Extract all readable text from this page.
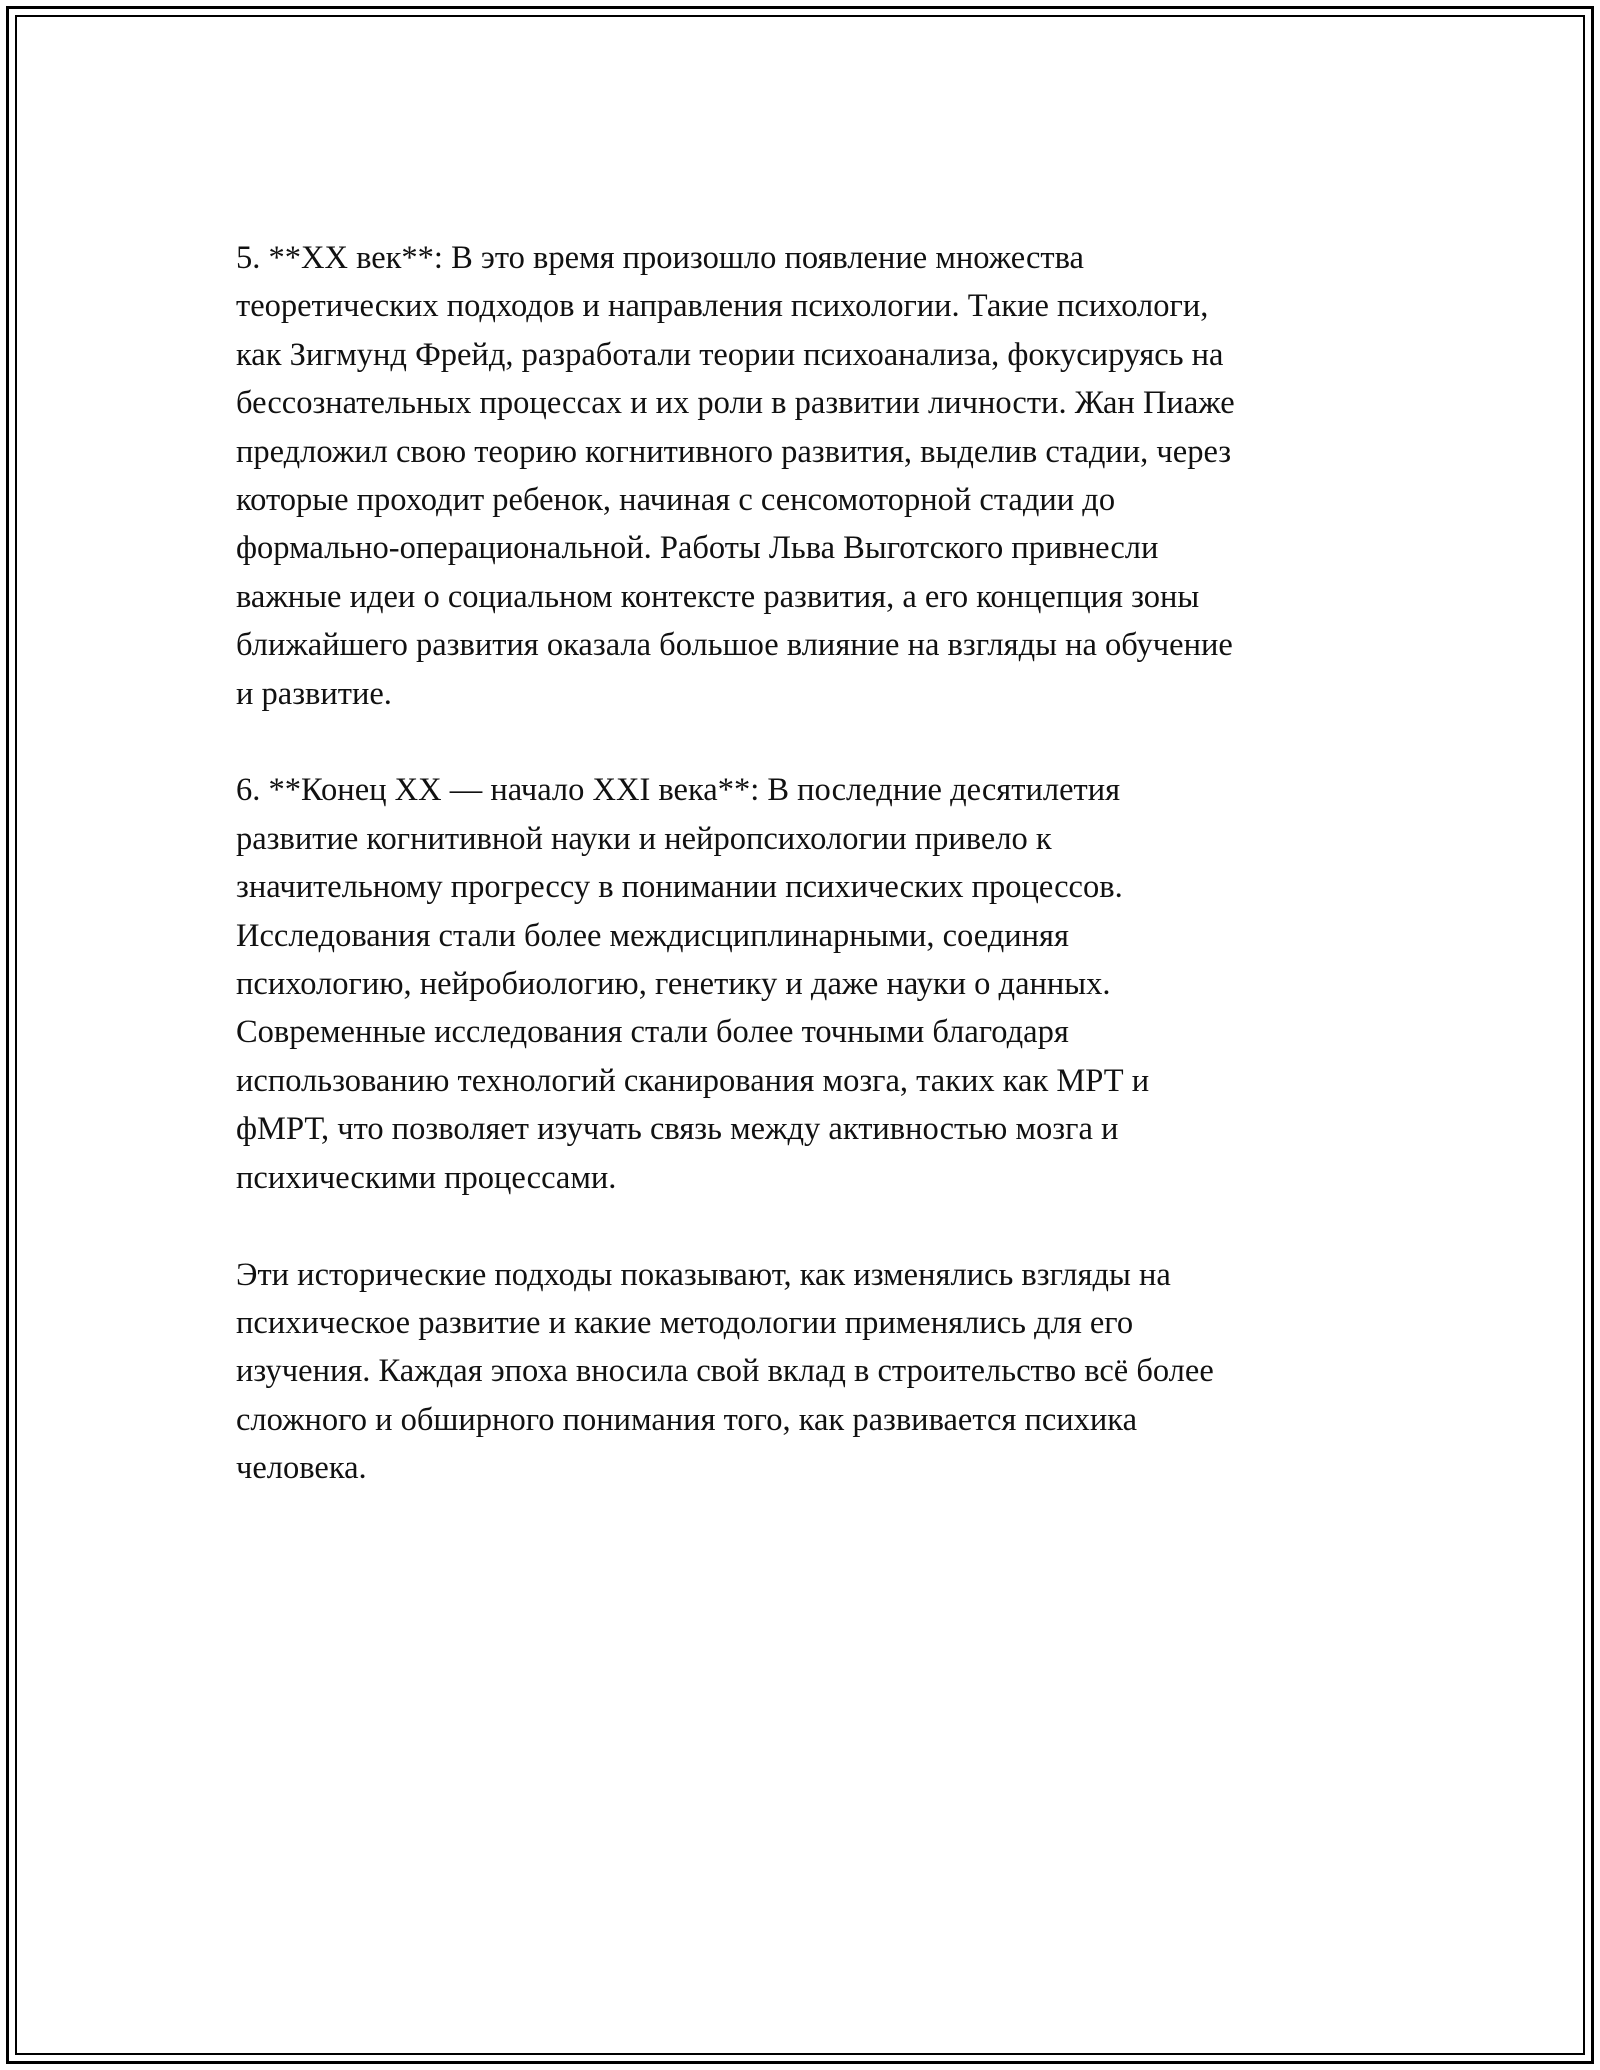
5. **XX век**: В это время произошло появление множества
теоретических подходов и направления психологии. Такие психологи,
как Зигмунд Фрейд, разработали теории психоанализа, фокусируясь на
бессознательных процессах и их роли в развитии личности. Жан Пиаже
предложил свою теорию когнитивного развития, выделив стадии, через
которые проходит ребенок, начиная с сенсомоторной стадии до
формально-операциональной. Работы Льва Выготского привнесли
важные идеи о социальном контексте развития, а его концепция зоны
ближайшего развития оказала большое влияние на взгляды на обучение
и развитие.

6. **Конец XX — начало XXI века**: В последние десятилетия
развитие когнитивной науки и нейропсихологии привело к
значительному прогрессу в понимании психических процессов.
Исследования стали более междисциплинарными, соединяя
психологию, нейробиологию, генетику и даже науки о данных.
Современные исследования стали более точными благодаря
использованию технологий сканирования мозга, таких как МРТ и
фМРТ, что позволяет изучать связь между активностью мозга и
психическими процессами.

Эти исторические подходы показывают, как изменялись взгляды на
психическое развитие и какие методологии применялись для его
изучения. Каждая эпоха вносила свой вклад в строительство всё более
сложного и обширного понимания того, как развивается психика
человека.
